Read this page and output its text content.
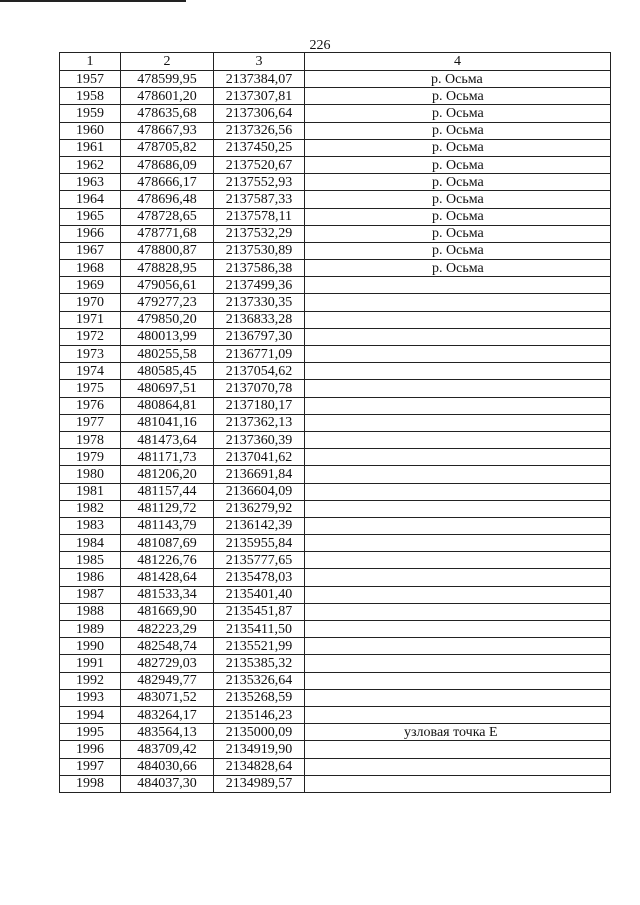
226
1	2	3	4
1957	478599,95	2137384,07	р. Осьма
1958	478601,20	2137307,81	р. Осьма
1959	478635,68	2137306,64	р. Осьма
1960	478667,93	2137326,56	р. Осьма
1961	478705,82	2137450,25	р. Осьма
1962	478686,09	2137520,67	р. Осьма
1963	478666,17	2137552,93	р. Осьма
1964	478696,48	2137587,33	р. Осьма
1965	478728,65	2137578,11	р. Осьма
1966	478771,68	2137532,29	р. Осьма
1967	478800,87	2137530,89	р. Осьма
1968	478828,95	2137586,38	р. Осьма
1969	479056,61	2137499,36	
1970	479277,23	2137330,35	
1971	479850,20	2136833,28	
1972	480013,99	2136797,30	
1973	480255,58	2136771,09	
1974	480585,45	2137054,62	
1975	480697,51	2137070,78	
1976	480864,81	2137180,17	
1977	481041,16	2137362,13	
1978	481473,64	2137360,39	
1979	481171,73	2137041,62	
1980	481206,20	2136691,84	
1981	481157,44	2136604,09	
1982	481129,72	2136279,92	
1983	481143,79	2136142,39	
1984	481087,69	2135955,84	
1985	481226,76	2135777,65	
1986	481428,64	2135478,03	
1987	481533,34	2135401,40	
1988	481669,90	2135451,87	
1989	482223,29	2135411,50	
1990	482548,74	2135521,99	
1991	482729,03	2135385,32	
1992	482949,77	2135326,64	
1993	483071,52	2135268,59	
1994	483264,17	2135146,23	
1995	483564,13	2135000,09	узловая точка Е
1996	483709,42	2134919,90	
1997	484030,66	2134828,64	
1998	484037,30	2134989,57	
